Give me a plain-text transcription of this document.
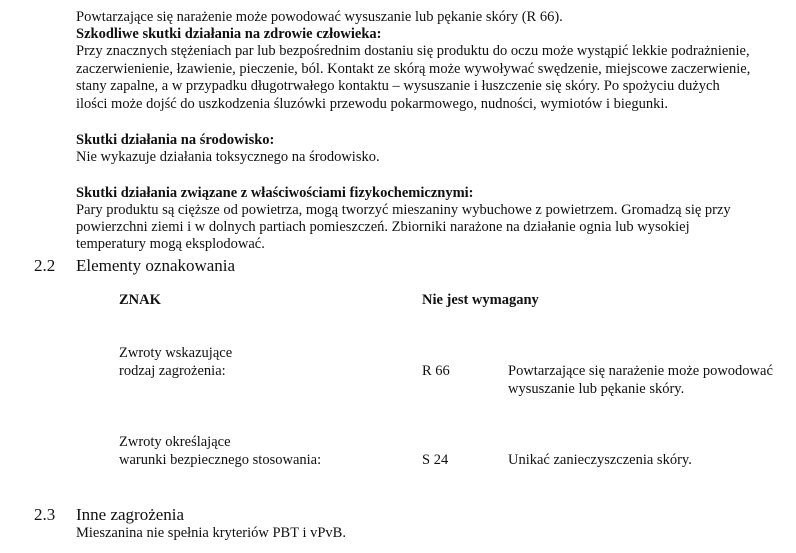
Powtarzające się narażenie może powodować wysuszanie lub pękanie skóry (R 66).
Szkodliwe skutki działania na zdrowie człowieka:
Przy znacznych stężeniach par lub bezpośrednim dostaniu się produktu do oczu może wystąpić lekkie podrażnienie,
zaczerwienienie, łzawienie, pieczenie, ból. Kontakt ze skórą może wywoływać swędzenie, miejscowe zaczerwienie,
stany zapalne, a w przypadku długotrwałego kontaktu – wysuszanie i łuszczenie się skóry. Po spożyciu dużych
ilości może dojść do uszkodzenia śluzówki przewodu pokarmowego, nudności, wymiotów i biegunki.
Skutki działania na środowisko:
Nie wykazuje działania toksycznego na środowisko.
Skutki działania związane z właściwościami fizykochemicznymi:
Pary produktu są cięższe od powietrza, mogą tworzyć mieszaniny wybuchowe z powietrzem. Gromadzą się przy
powierzchni ziemi i w dolnych partiach pomieszczeń. Zbiorniki narażone na działanie ognia lub wysokiej
temperatury mogą eksplodować.
2.2 Elementy oznakowania
ZNAK	Nie jest wymagany
Zwroty wskazujące
rodzaj zagrożenia:	R 66	Powtarzające się narażenie może powodować
wysuszanie lub pękanie skóry.
Zwroty określające
warunki bezpiecznego stosowania:	S 24	Unikać zanieczyszczenia skóry.
2.3 Inne zagrożenia
Mieszanina nie spełnia kryteriów PBT i vPvB.
